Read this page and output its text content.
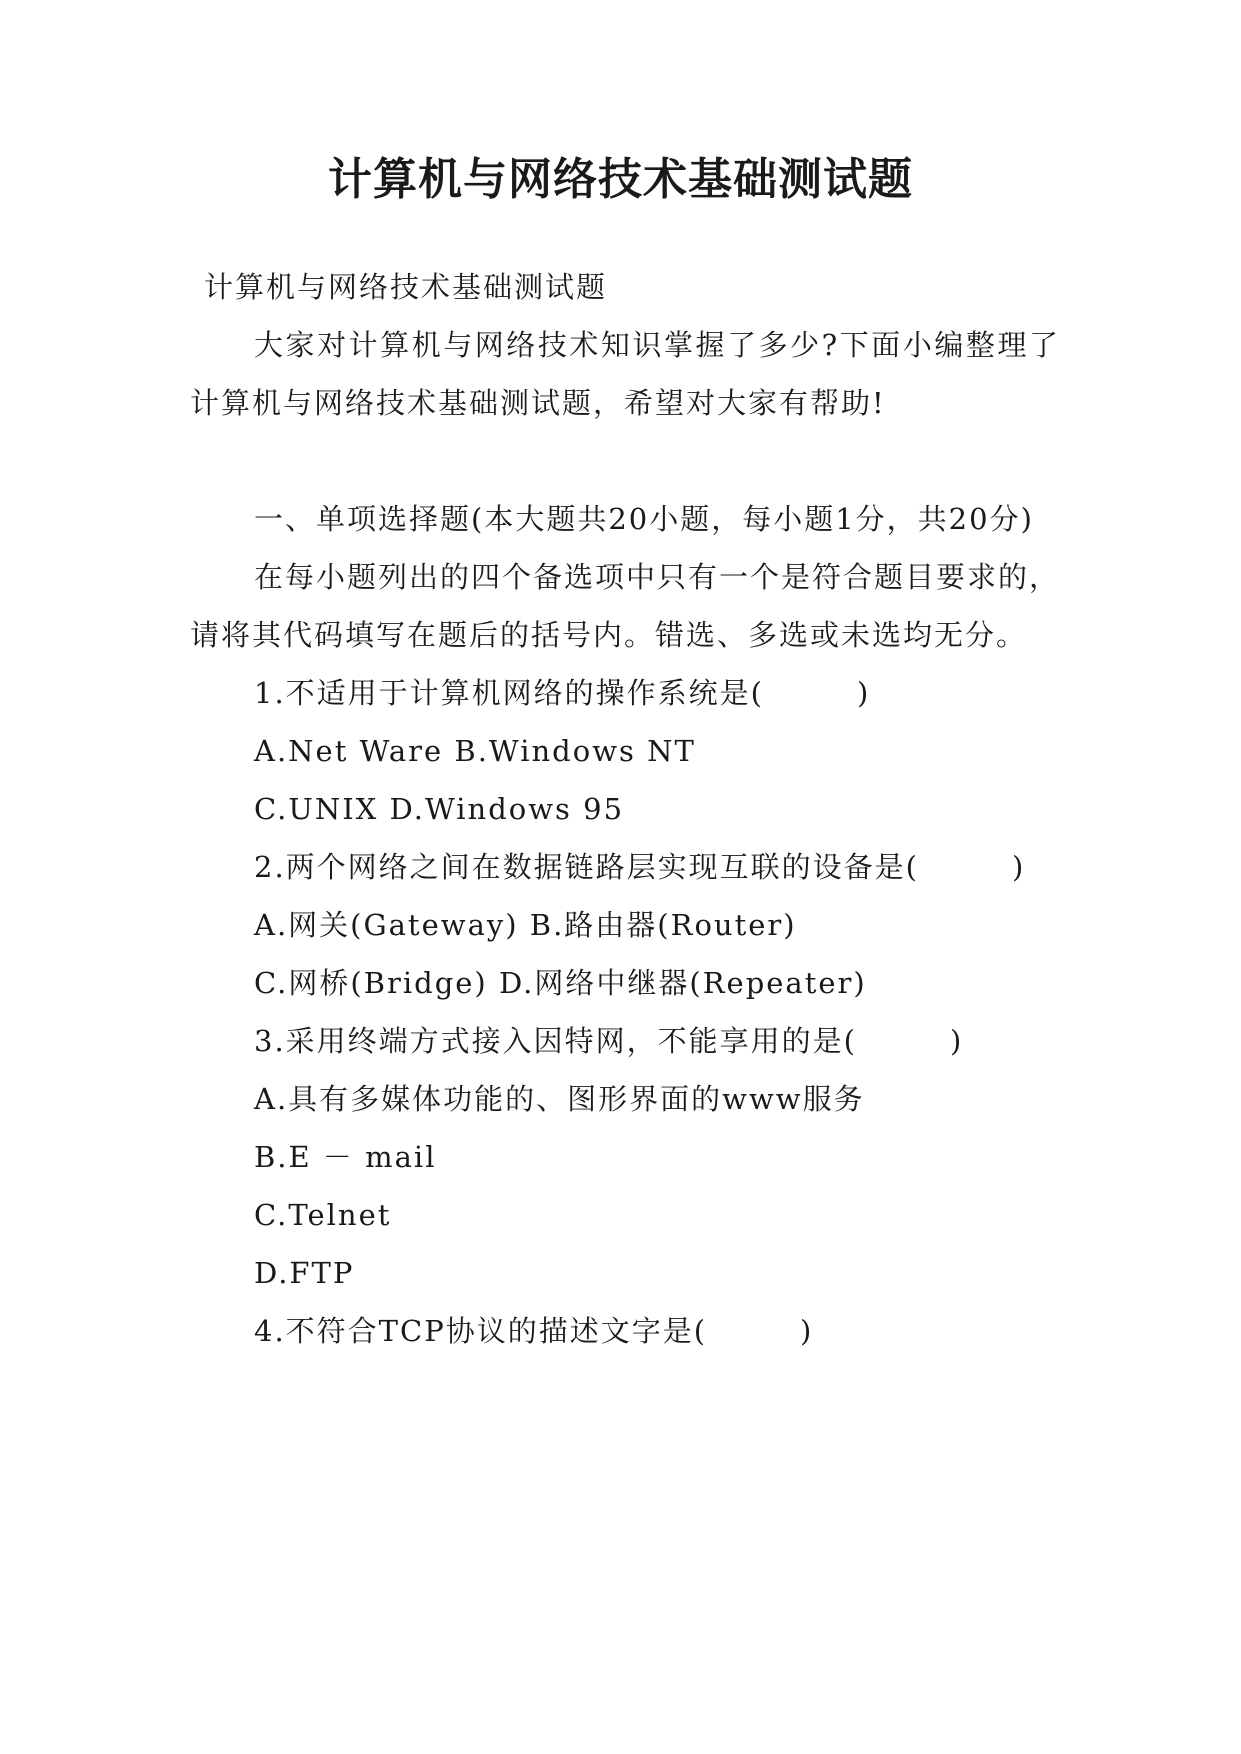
计算机与网络技术基础测试题

计算机与网络技术基础测试题

大家对计算机与网络技术知识掌握了多少?下面小编整理了计算机与网络技术基础测试题，希望对大家有帮助!

一、单项选择题(本大题共20小题，每小题1分，共20分)

在每小题列出的四个备选项中只有一个是符合题目要求的，请将其代码填写在题后的括号内。错选、多选或未选均无分。

1.不适用于计算机网络的操作系统是(　　　)

A.Net Ware B.Windows NT

C.UNIX D.Windows 95

2.两个网络之间在数据链路层实现互联的设备是(　　　)

A.网关(Gateway) B.路由器(Router)

C.网桥(Bridge) D.网络中继器(Repeater)

3.采用终端方式接入因特网，不能享用的是(　　　)

A.具有多媒体功能的、图形界面的www服务

B.E － mail

C.Telnet

D.FTP

4.不符合TCP协议的描述文字是(　　　)
